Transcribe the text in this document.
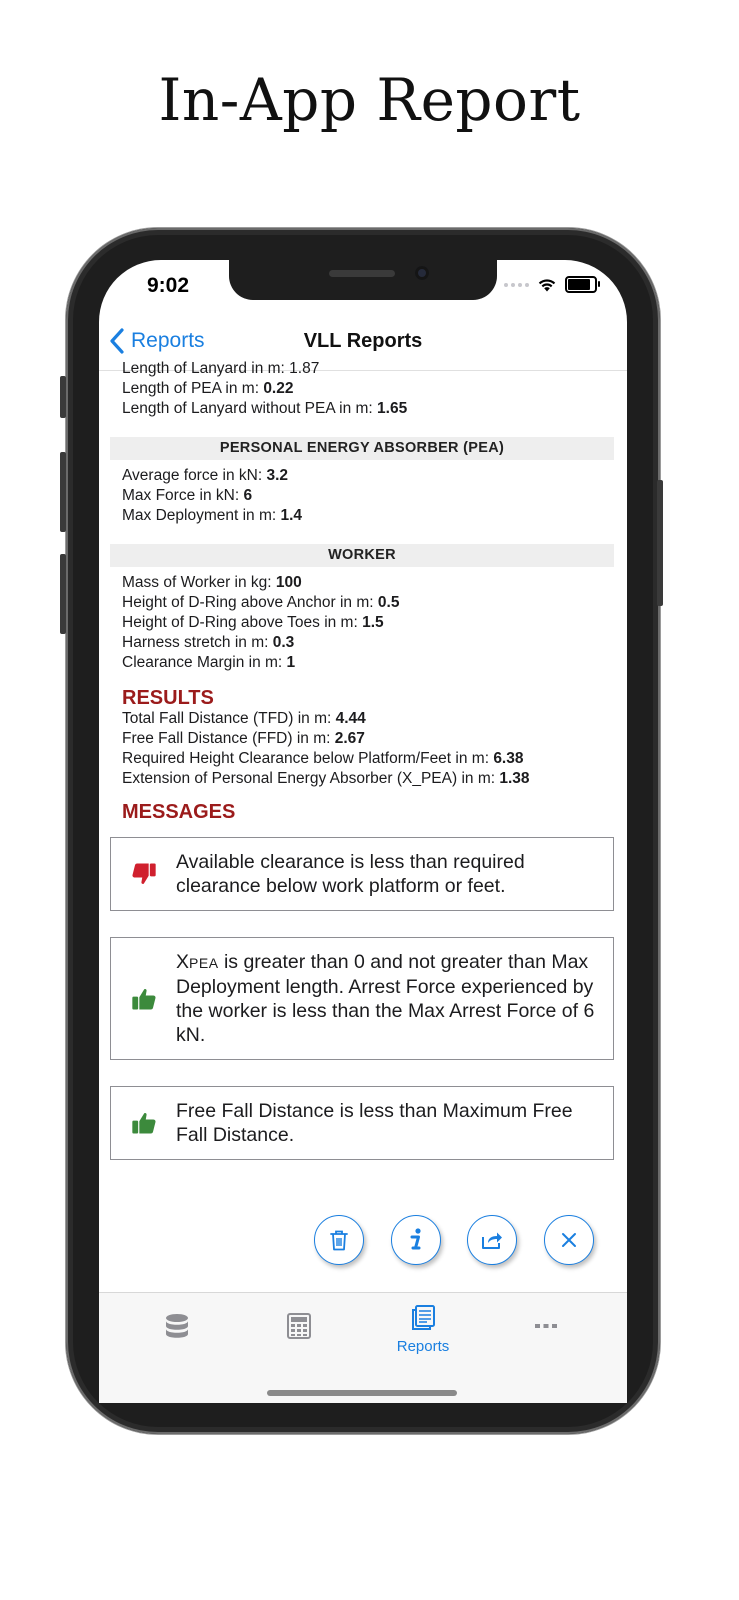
In-App Report
9:02
Reports	VLL Reports
Length of Lanyard in m: 1.87
Length of PEA in m: 0.22
Length of Lanyard without PEA in m: 1.65
PERSONAL ENERGY ABSORBER (PEA)
Average force in kN: 3.2
Max Force in kN: 6
Max Deployment in m: 1.4
WORKER
Mass of Worker in kg: 100
Height of D-Ring above Anchor in m: 0.5
Height of D-Ring above Toes in m: 1.5
Harness stretch in m: 0.3
Clearance Margin in m: 1
RESULTS
Total Fall Distance (TFD) in m: 4.44
Free Fall Distance (FFD) in m: 2.67
Required Height Clearance below Platform/Feet in m: 6.38
Extension of Personal Energy Absorber (X_PEA) in m: 1.38
MESSAGES
Available clearance is less than required clearance below work platform or feet.
XPEA is greater than 0 and not greater than Max Deployment length. Arrest Force experienced by the worker is less than the Max Arrest Force of 6 kN.
Free Fall Distance is less than Maximum Free Fall Distance.
Reports
